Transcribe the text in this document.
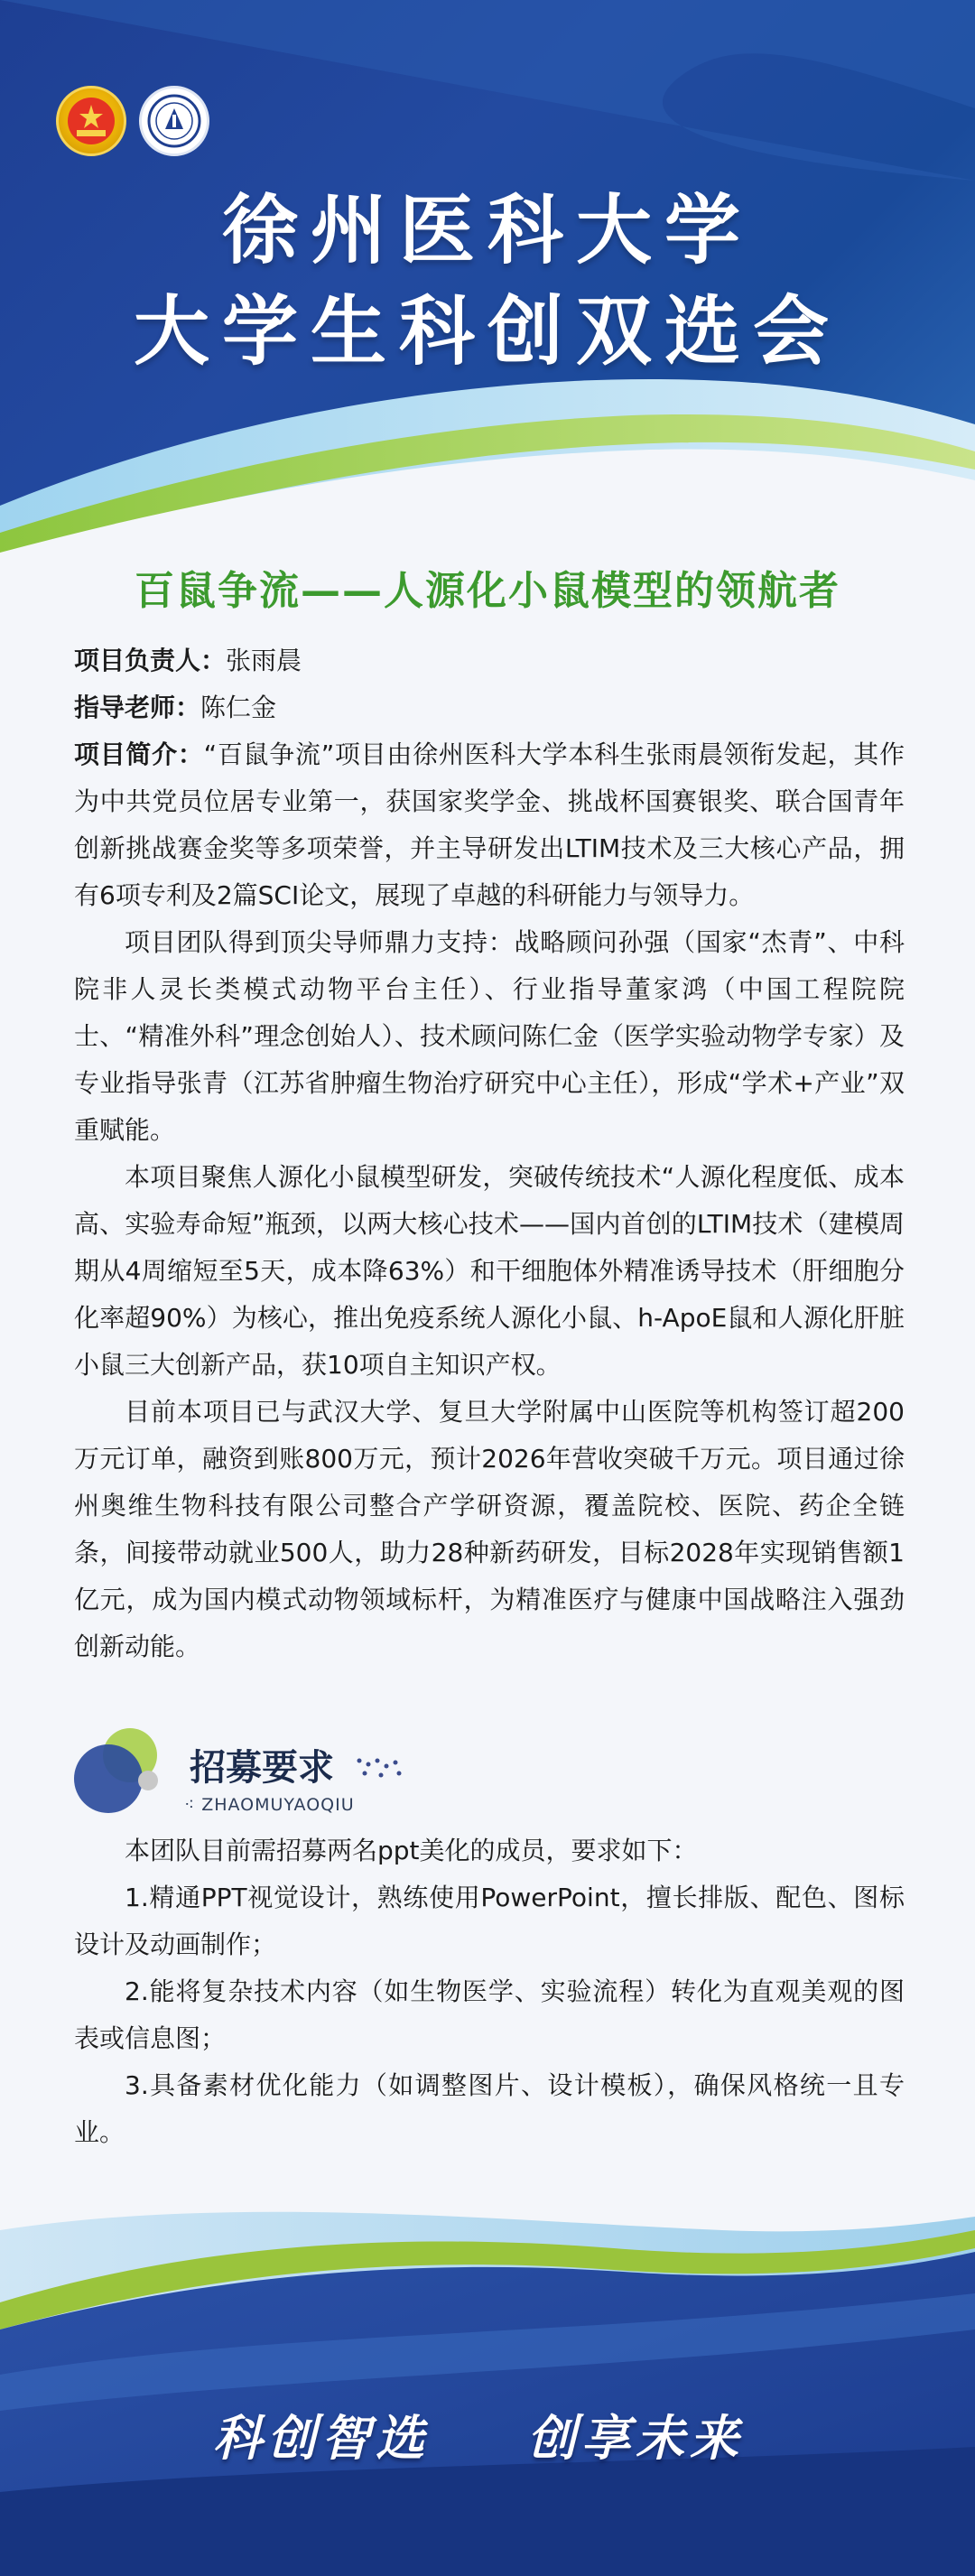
徐州医科大学
大学生科创双选会
百鼠争流——人源化小鼠模型的领航者

项目负责人：张雨晨

指导老师：陈仁金

项目简介：“百鼠争流”项目由徐州医科大学本科生张雨晨领衔发起，其作为中共党员位居专业第一，获国家奖学金、挑战杯国赛银奖、联合国青年创新挑战赛金奖等多项荣誉，并主导研发出LTIM技术及三大核心产品，拥有6项专利及2篇SCI论文，展现了卓越的科研能力与领导力。

项目团队得到顶尖导师鼎力支持：战略顾问孙强（国家“杰青”、中科院非人灵长类模式动物平台主任）、行业指导董家鸿（中国工程院院士、“精准外科”理念创始人）、技术顾问陈仁金（医学实验动物学专家）及专业指导张青（江苏省肿瘤生物治疗研究中心主任），形成“学术+产业”双重赋能。

本项目聚焦人源化小鼠模型研发，突破传统技术“人源化程度低、成本高、实验寿命短”瓶颈，以两大核心技术——国内首创的LTIM技术（建模周期从4周缩短至5天，成本降63%）和干细胞体外精准诱导技术（肝细胞分化率超90%）为核心，推出免疫系统人源化小鼠、h-ApoE鼠和人源化肝脏小鼠三大创新产品，获10项自主知识产权。

目前本项目已与武汉大学、复旦大学附属中山医院等机构签订超200万元订单，融资到账800万元，预计2026年营收突破千万元。项目通过徐州奥维生物科技有限公司整合产学研资源，覆盖院校、医院、药企全链条，间接带动就业500人，助力28种新药研发，目标2028年实现销售额1亿元，成为国内模式动物领域标杆，为精准医疗与健康中国战略注入强劲创新动能。

招募要求
⁖ ZHAOMUYAOQIU

本团队目前需招募两名ppt美化的成员，要求如下：

1.精通PPT视觉设计，熟练使用PowerPoint，擅长排版、配色、图标设计及动画制作；

2.能将复杂技术内容（如生物医学、实验流程）转化为直观美观的图表或信息图；

3.具备素材优化能力（如调整图片、设计模板），确保风格统一且专业。

科创智选 创享未来
